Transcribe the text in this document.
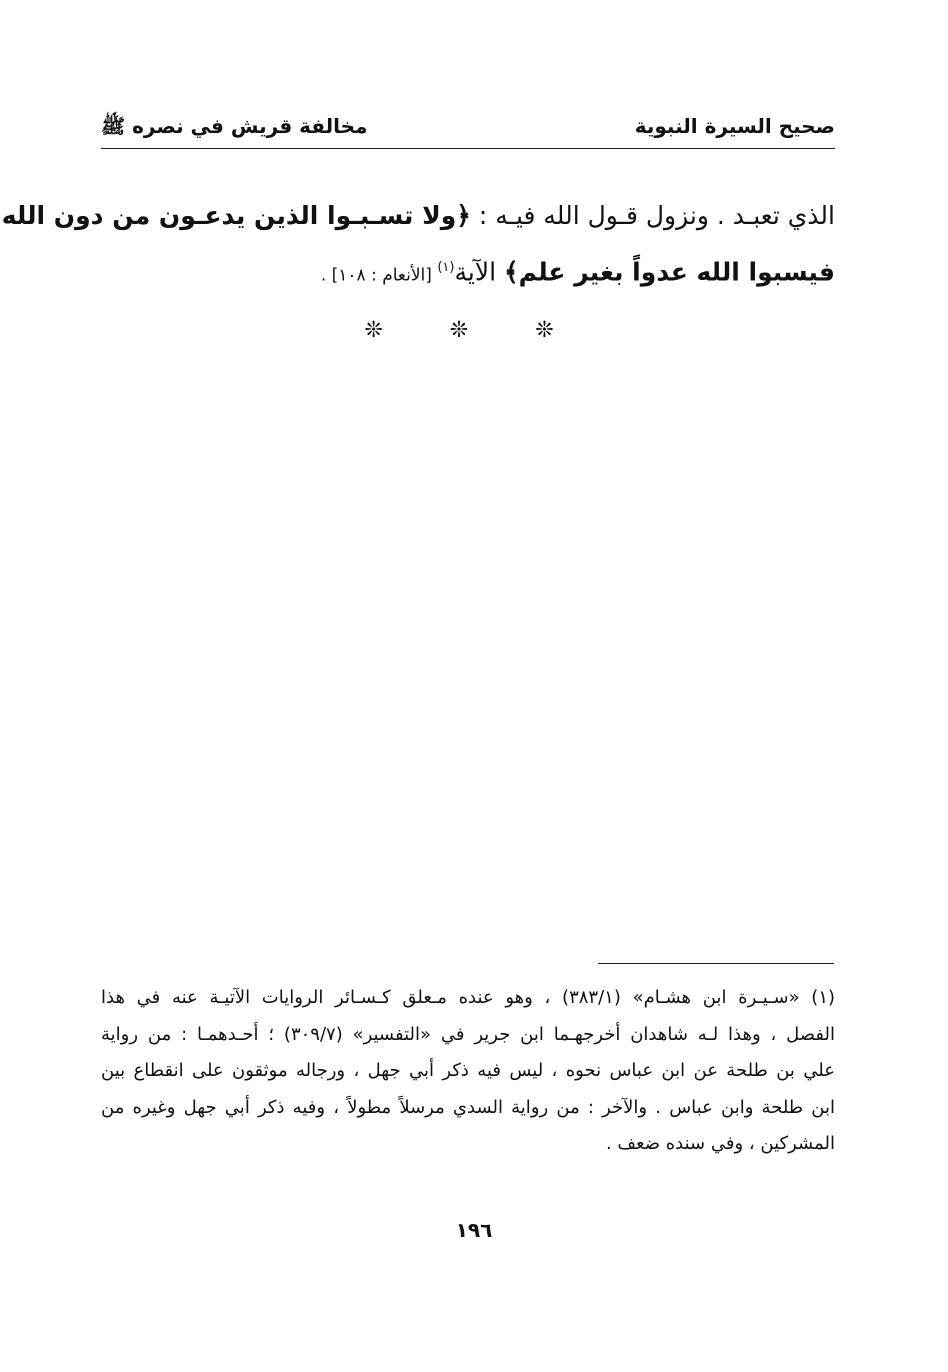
صحيح السيرة النبوية
مخالفة قريش في نصره ﷺ
الذي تعبـد . ونزول قـول الله فيـه : ﴿ولا تسـبـوا الذين يدعـون من دون الله
فيسبوا الله عدواً بغير علم﴾ الآية$^{(١)}$ [الأنعام : ١٠٨] .
❊ ❊ ❊
(١) «سـيـرة ابن هشـام» (٣٨٣/١) ، وهو عنده مـعلق كـسـائر الروايات الآتيـة عنه في هذا
الفصل ، وهذا لـه شاهدان أخرجهـما ابن جرير في «التفسير» (٣٠٩/٧) ؛ أحـدهمـا : من رواية
علي بن طلحة عن ابن عباس نحوه ، ليس فيه ذكر أبي جهل ، ورجاله موثقون على انقطاع بين
ابن طلحة وابن عباس . والآخر : من رواية السدي مرسلاً مطولاً ، وفيه ذكر أبي جهل وغيره من
المشركين ، وفي سنده ضعف .
١٩٦
